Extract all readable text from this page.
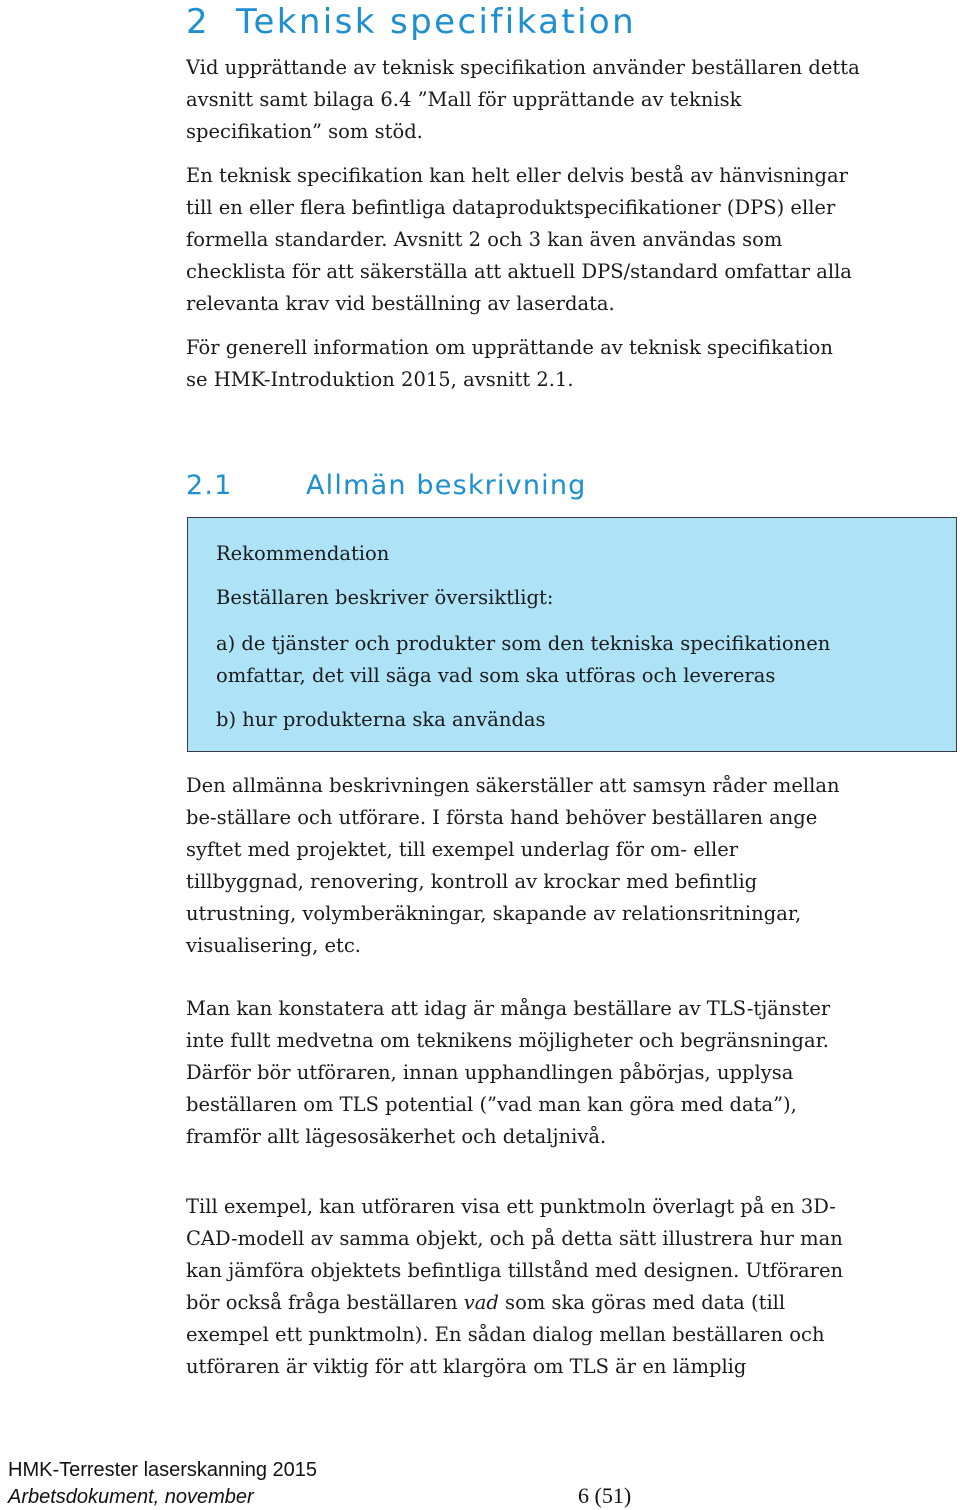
2 Teknisk specifikation

Vid upprättande av teknisk specifikation använder beställaren detta
avsnitt samt bilaga 6.4 ”Mall för upprättande av teknisk
specifikation” som stöd.

En teknisk specifikation kan helt eller delvis bestå av hänvisningar
till en eller flera befintliga dataproduktspecifikationer (DPS) eller
formella standarder. Avsnitt 2 och 3 kan även användas som
checklista för att säkerställa att aktuell DPS/standard omfattar alla
relevanta krav vid beställning av laserdata.

För generell information om upprättande av teknisk specifikation
se HMK-Introduktion 2015, avsnitt 2.1.

2.1	Allmän beskrivning

Rekommendation

Beställaren beskriver översiktligt:

a) de tjänster och produkter som den tekniska specifikationen
omfattar, det vill säga vad som ska utföras och levereras

b) hur produkterna ska användas

Den allmänna beskrivningen säkerställer att samsyn råder mellan
be-ställare och utförare. I första hand behöver beställaren ange
syftet med projektet, till exempel underlag för om- eller
tillbyggnad, renovering, kontroll av krockar med befintlig
utrustning, volymberäkningar, skapande av relationsritningar,
visualisering, etc.

Man kan konstatera att idag är många beställare av TLS-tjänster
inte fullt medvetna om teknikens möjligheter och begränsningar.
Därför bör utföraren, innan upphandlingen påbörjas, upplysa
beställaren om TLS potential (”vad man kan göra med data”),
framför allt lägesosäkerhet och detaljnivå.

Till exempel, kan utföraren visa ett punktmoln överlagt på en 3D-
CAD-modell av samma objekt, och på detta sätt illustrera hur man
kan jämföra objektets befintliga tillstånd med designen. Utföraren
bör också fråga beställaren vad som ska göras med data (till
exempel ett punktmoln). En sådan dialog mellan beställaren och
utföraren är viktig för att klargöra om TLS är en lämplig

HMK-Terrester laserskanning 2015
Arbetsdokument, november	6 (51)
